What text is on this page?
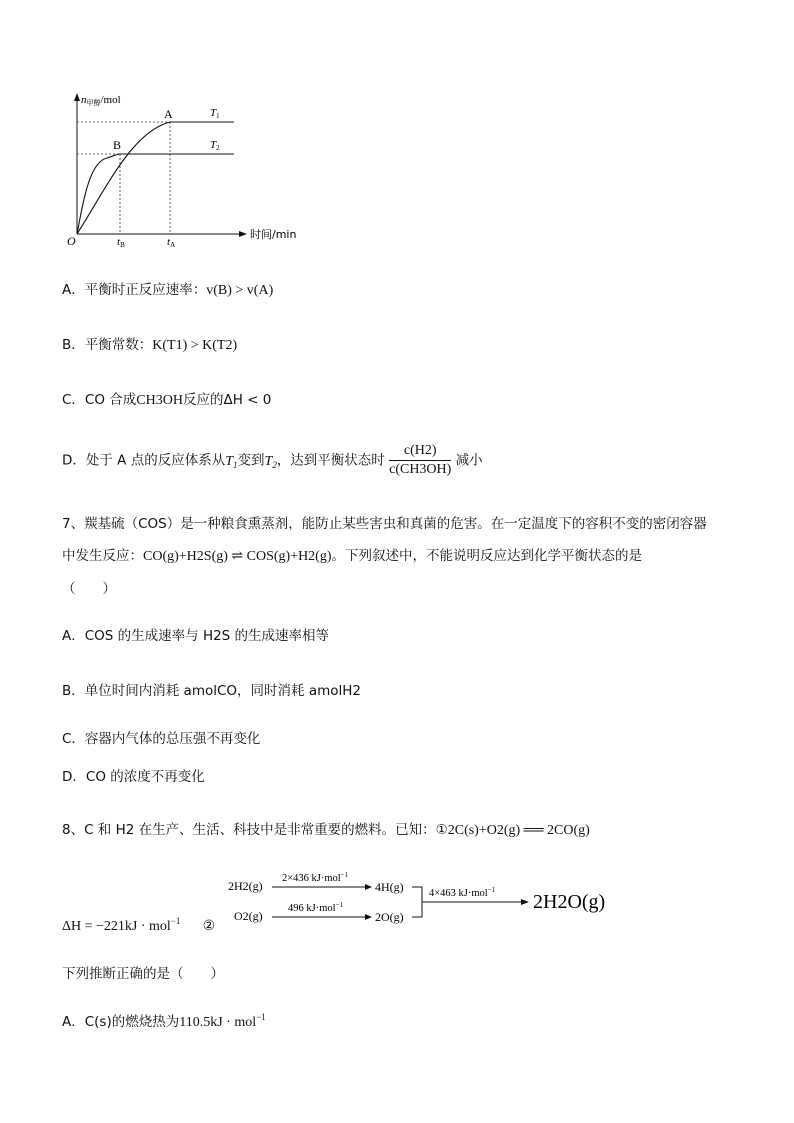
n甲醇/mol
A
B
T1
T2
O	tB	tA
时间/min
A．平衡时正反应速率：v(B) > v(A)
B．平衡常数：K(T1) > K(T2)
C．CO 合成CH3OH反应的ΔH < 0
D．处于 A 点的反应体系从$T_1$变到$T_2$，达到平衡状态时 $\frac{c(H2)}{c(CH3OH)}$ 减小
7、羰基硫（COS）是一种粮食熏蒸剂，能防止某些害虫和真菌的危害。在一定温度下的容积不变的密闭容器
中发生反应：CO(g)+H2S(g) ⇌ COS(g)+H2(g)。下列叙述中，不能说明反应达到化学平衡状态的是
（　　）
A．COS 的生成速率与 H2S 的生成速率相等
B．单位时间内消耗 amolCO，同时消耗 amolH2
C．容器内气体的总压强不再变化
D．CO 的浓度不再变化
8、C 和 H2 在生产、生活、科技中是非常重要的燃料。已知：①2C(s)+O2(g) ══ 2CO(g)
2H2(g)
O2(g)
2×436 kJ·mol$^{-1}$
496 kJ·mol$^{-1}$
4H(g)
2O(g)
4×463 kJ·mol$^{-1}$
2H2O(g)
ΔH = −221kJ · mol$^{-1}$ ②
下列推断正确的是（　　）
A．C(s)的燃烧热为110.5kJ · mol$^{-1}$
